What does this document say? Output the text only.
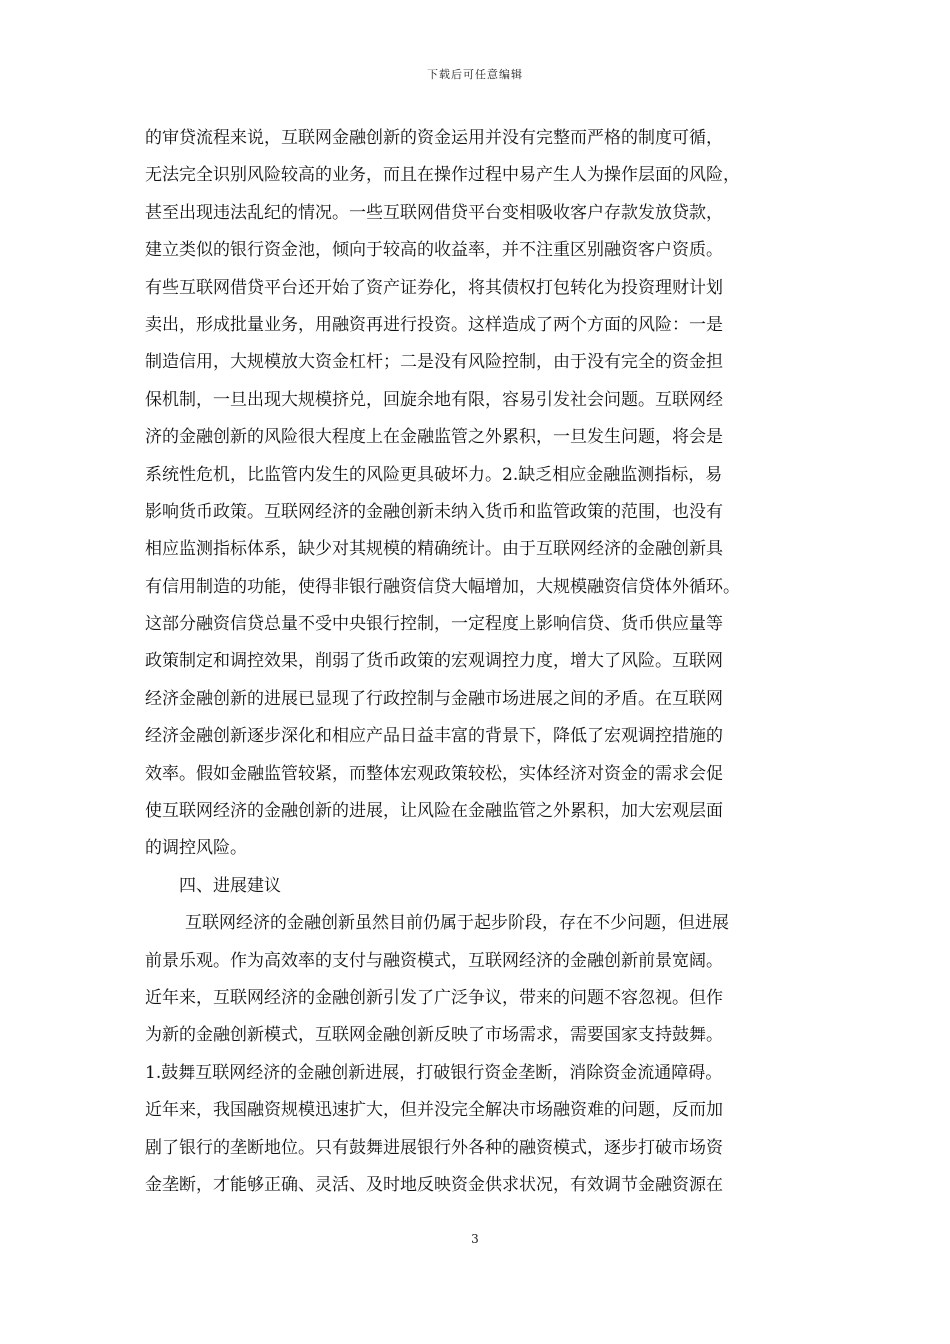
下载后可任意编辑
的审贷流程来说，互联网金融创新的资金运用并没有完整而严格的制度可循，
无法完全识别风险较高的业务，而且在操作过程中易产生人为操作层面的风险，
甚至出现违法乱纪的情况。一些互联网借贷平台变相吸收客户存款发放贷款，
建立类似的银行资金池，倾向于较高的收益率，并不注重区别融资客户资质。
有些互联网借贷平台还开始了资产证券化，将其债权打包转化为投资理财计划
卖出，形成批量业务，用融资再进行投资。这样造成了两个方面的风险：一是
制造信用，大规模放大资金杠杆；二是没有风险控制，由于没有完全的资金担
保机制，一旦出现大规模挤兑，回旋余地有限，容易引发社会问题。互联网经
济的金融创新的风险很大程度上在金融监管之外累积，一旦发生问题，将会是
系统性危机，比监管内发生的风险更具破坏力。2.缺乏相应金融监测指标，易
影响货币政策。互联网经济的金融创新未纳入货币和监管政策的范围，也没有
相应监测指标体系，缺少对其规模的精确统计。由于互联网经济的金融创新具
有信用制造的功能，使得非银行融资信贷大幅增加，大规模融资信贷体外循环。
这部分融资信贷总量不受中央银行控制，一定程度上影响信贷、货币供应量等
政策制定和调控效果，削弱了货币政策的宏观调控力度，增大了风险。互联网
经济金融创新的进展已显现了行政控制与金融市场进展之间的矛盾。在互联网
经济金融创新逐步深化和相应产品日益丰富的背景下，降低了宏观调控措施的
效率。假如金融监管较紧，而整体宏观政策较松，实体经济对资金的需求会促
使互联网经济的金融创新的进展，让风险在金融监管之外累积，加大宏观层面
的调控风险。
四、进展建议
互联网经济的金融创新虽然目前仍属于起步阶段，存在不少问题，但进展
前景乐观。作为高效率的支付与融资模式，互联网经济的金融创新前景宽阔。
近年来，互联网经济的金融创新引发了广泛争议，带来的问题不容忽视。但作
为新的金融创新模式，互联网金融创新反映了市场需求，需要国家支持鼓舞。
1.鼓舞互联网经济的金融创新进展，打破银行资金垄断，消除资金流通障碍。
近年来，我国融资规模迅速扩大，但并没完全解决市场融资难的问题，反而加
剧了银行的垄断地位。只有鼓舞进展银行外各种的融资模式，逐步打破市场资
金垄断，才能够正确、灵活、及时地反映资金供求状况，有效调节金融资源在
3
